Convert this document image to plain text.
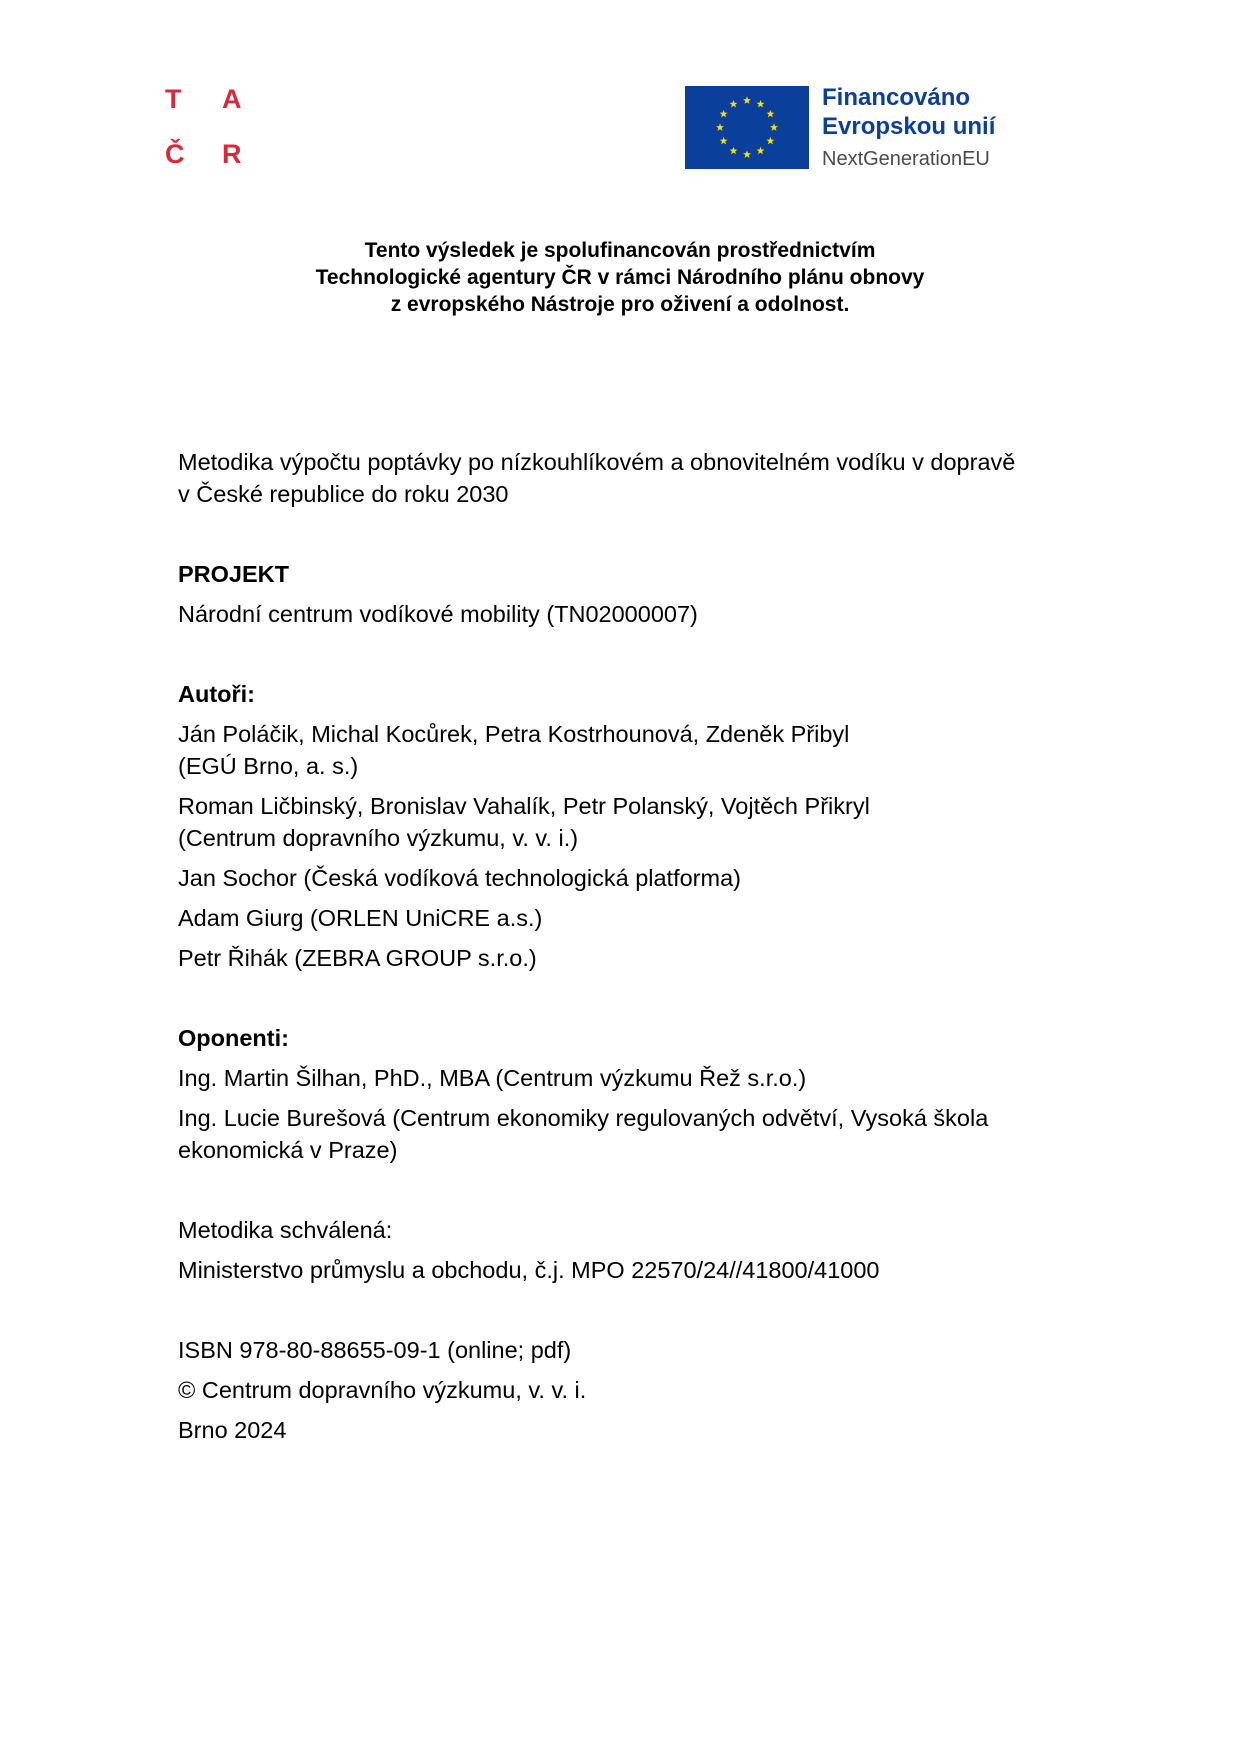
T A
Č R
Financováno
Evropskou unií
NextGenerationEU
Tento výsledek je spolufinancován prostřednictvím
Technologické agentury ČR v rámci Národního plánu obnovy
z evropského Nástroje pro oživení a odolnost.
Metodika výpočtu poptávky po nízkouhlíkovém a obnovitelném vodíku v dopravě
v České republice do roku 2030
PROJEKT
Národní centrum vodíkové mobility (TN02000007)
Autoři:
Ján Poláčik, Michal Kocůrek, Petra Kostrhounová, Zdeněk Přibyl
(EGÚ Brno, a. s.)
Roman Ličbinský, Bronislav Vahalík, Petr Polanský, Vojtěch Přikryl
(Centrum dopravního výzkumu, v. v. i.)
Jan Sochor (Česká vodíková technologická platforma)
Adam Giurg (ORLEN UniCRE a.s.)
Petr Řihák (ZEBRA GROUP s.r.o.)
Oponenti:
Ing. Martin Šilhan, PhD., MBA (Centrum výzkumu Řež s.r.o.)
Ing. Lucie Burešová (Centrum ekonomiky regulovaných odvětví, Vysoká škola
ekonomická v Praze)
Metodika schválená:
Ministerstvo průmyslu a obchodu, č.j. MPO 22570/24//41800/41000
ISBN 978-80-88655-09-1 (online; pdf)
© Centrum dopravního výzkumu, v. v. i.
Brno 2024
